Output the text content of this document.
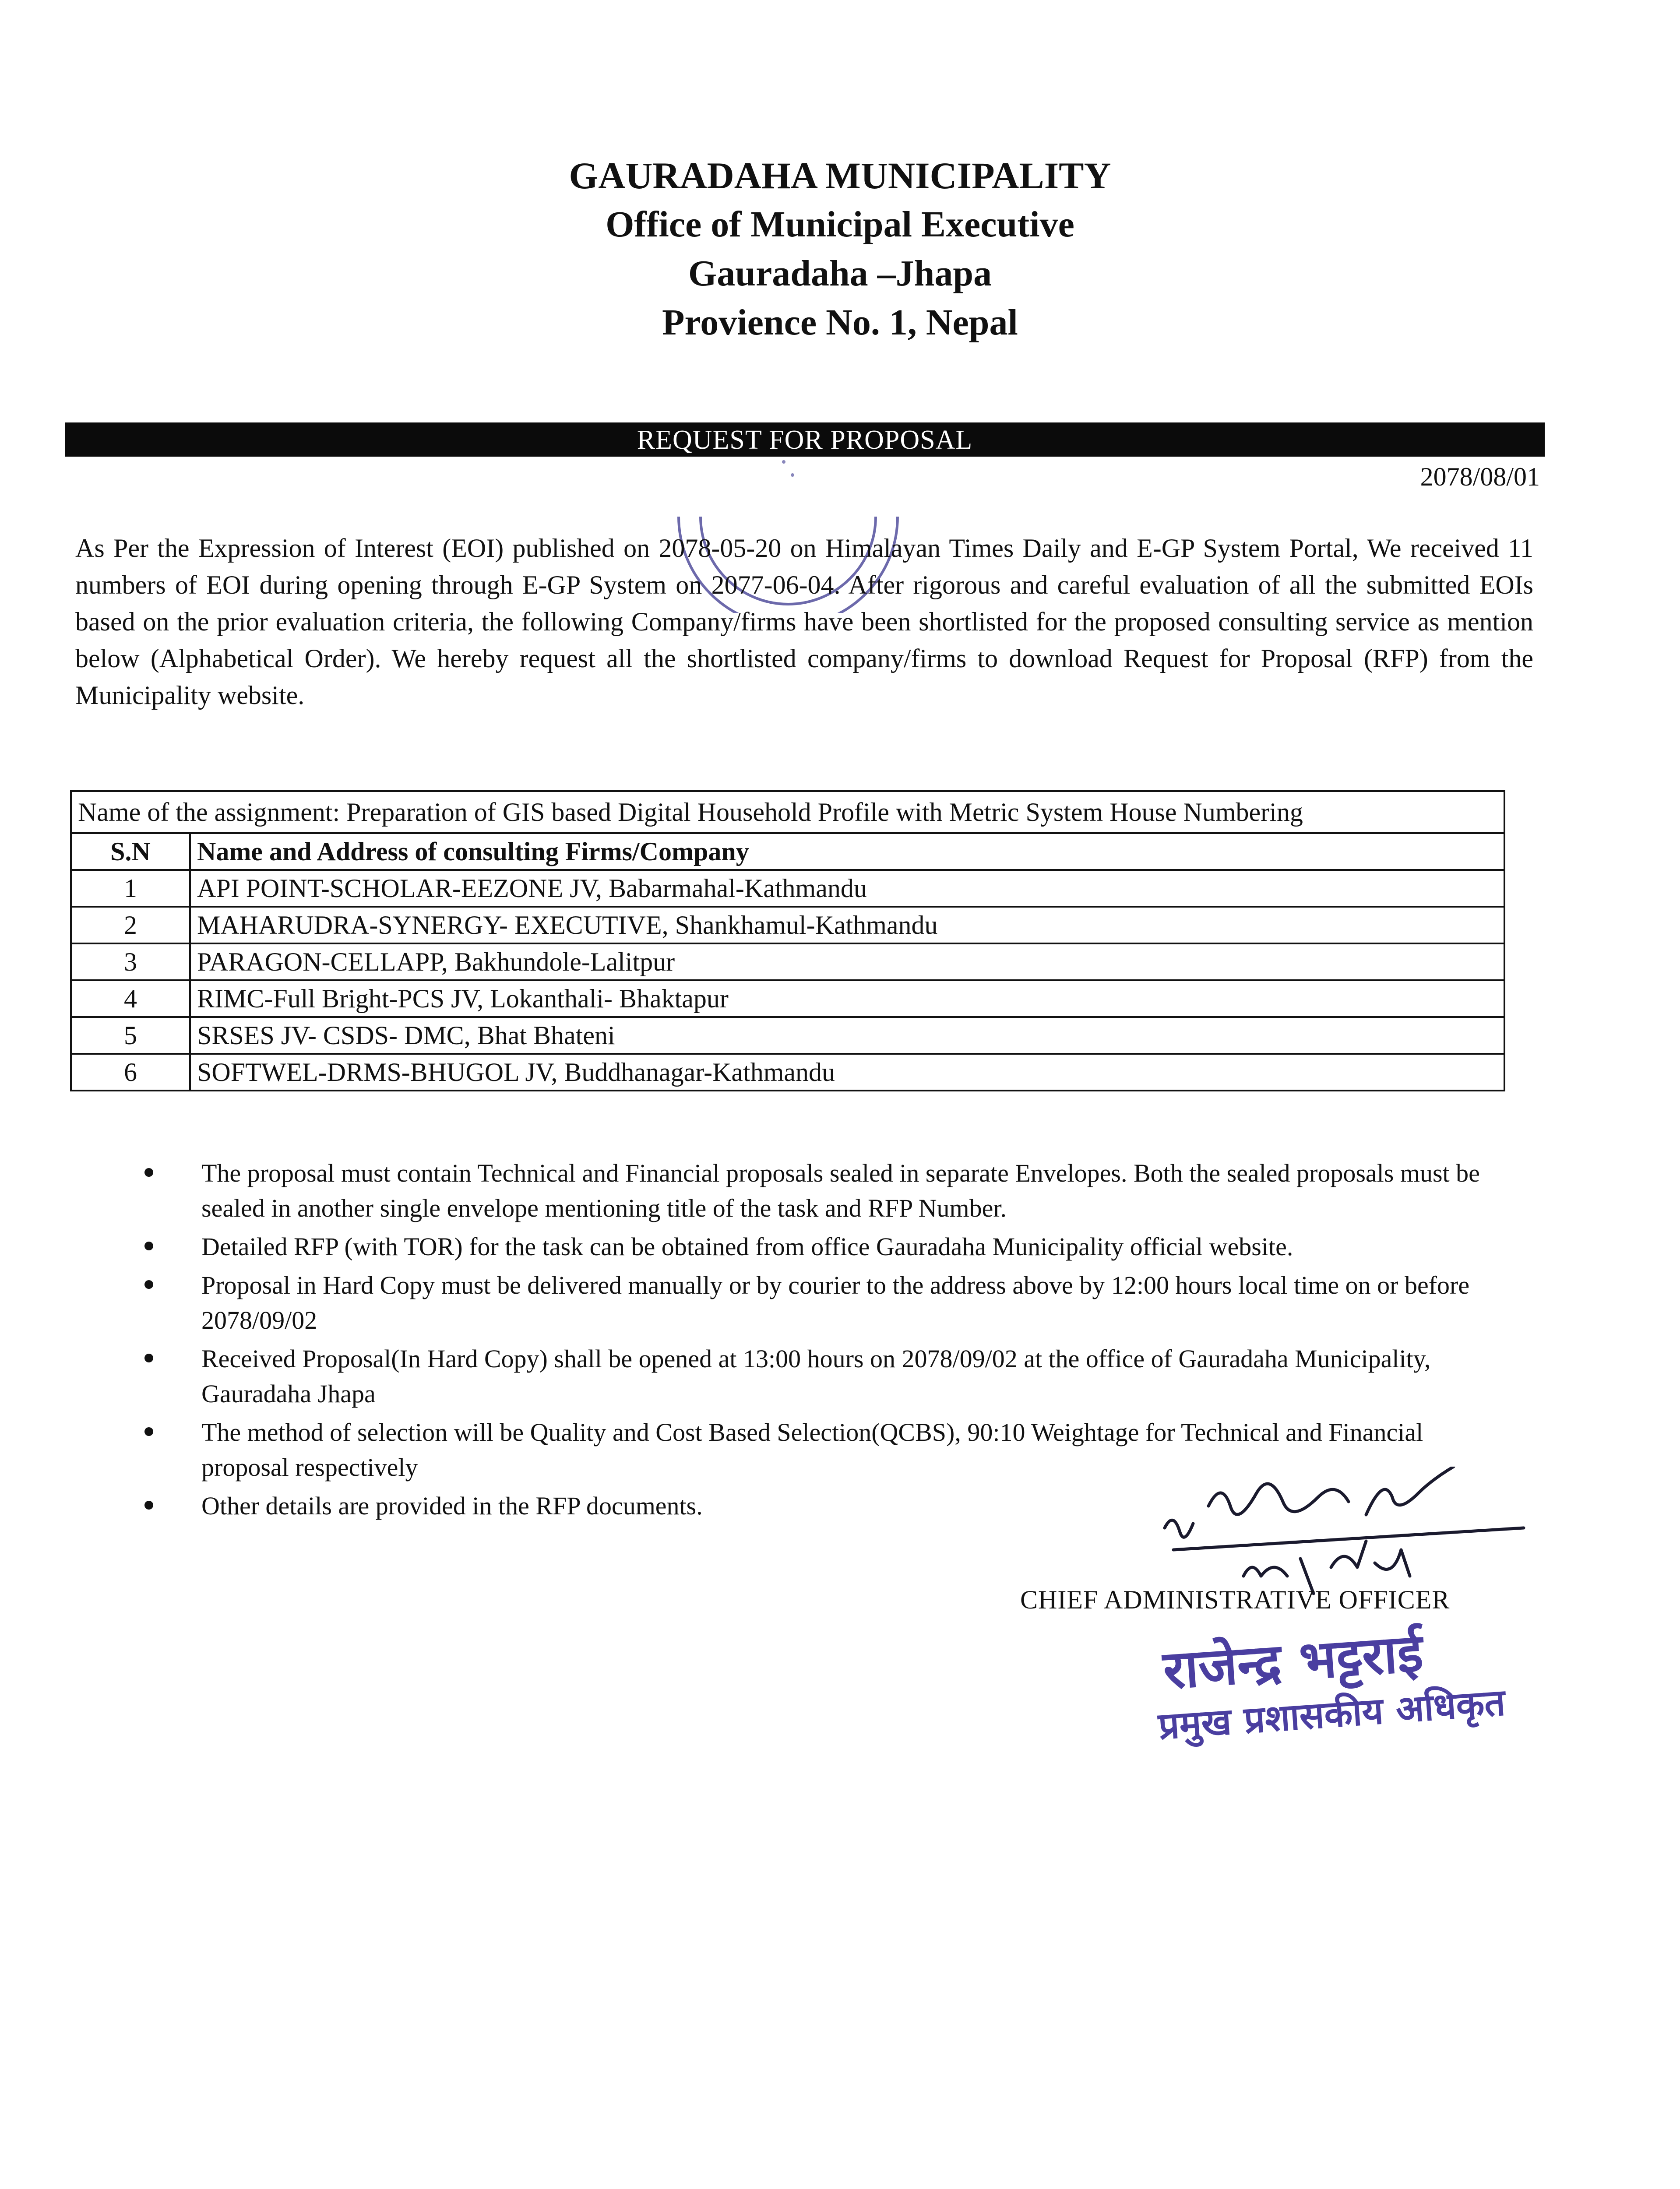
GAURADAHA MUNICIPALITY
Office of Municipal Executive
Gauradaha –Jhapa
Provience No. 1, Nepal
REQUEST FOR PROPOSAL
2078/08/01
As Per the Expression of Interest (EOI) published on 2078-05-20 on Himalayan Times Daily and E-GP System Portal, We received 11 numbers of EOI during opening through E-GP System on 2077-06-04. After rigorous and careful evaluation of all the submitted EOIs based on the prior evaluation criteria, the following Company/firms have been shortlisted for the proposed consulting service as mention below (Alphabetical Order). We hereby request all the shortlisted company/firms to download Request for Proposal (RFP) from the Municipality website.
Name of the assignment: Preparation of GIS based Digital Household Profile with Metric System House Numbering	
S.N	Name and Address of consulting Firms/Company
1	API POINT-SCHOLAR-EEZONE JV, Babarmahal-Kathmandu
2	MAHARUDRA-SYNERGY- EXECUTIVE, Shankhamul-Kathmandu
3	PARAGON-CELLAPP, Bakhundole-Lalitpur
4	RIMC-Full Bright-PCS JV, Lokanthali- Bhaktapur
5	SRSES JV- CSDS- DMC, Bhat Bhateni
6	SOFTWEL-DRMS-BHUGOL JV, Buddhanagar-Kathmandu
The proposal must contain Technical and Financial proposals sealed in separate Envelopes. Both the sealed proposals must be sealed in another single envelope mentioning title of the task and RFP Number.
Detailed RFP (with TOR) for the task can be obtained from office Gauradaha Municipality official website.
Proposal in Hard Copy must be delivered manually or by courier to the address above by 12:00 hours local time on or before 2078/09/02
Received Proposal(In Hard Copy) shall be opened at 13:00 hours on 2078/09/02 at the office of Gauradaha Municipality, Gauradaha Jhapa
The method of selection will be Quality and Cost Based Selection(QCBS), 90:10 Weightage for Technical and Financial proposal respectively
Other details are provided in the RFP documents.
CHIEF ADMINISTRATIVE OFFICER
राजेन्द्र भट्टराई
प्रमुख प्रशासकीय अधिकृत
